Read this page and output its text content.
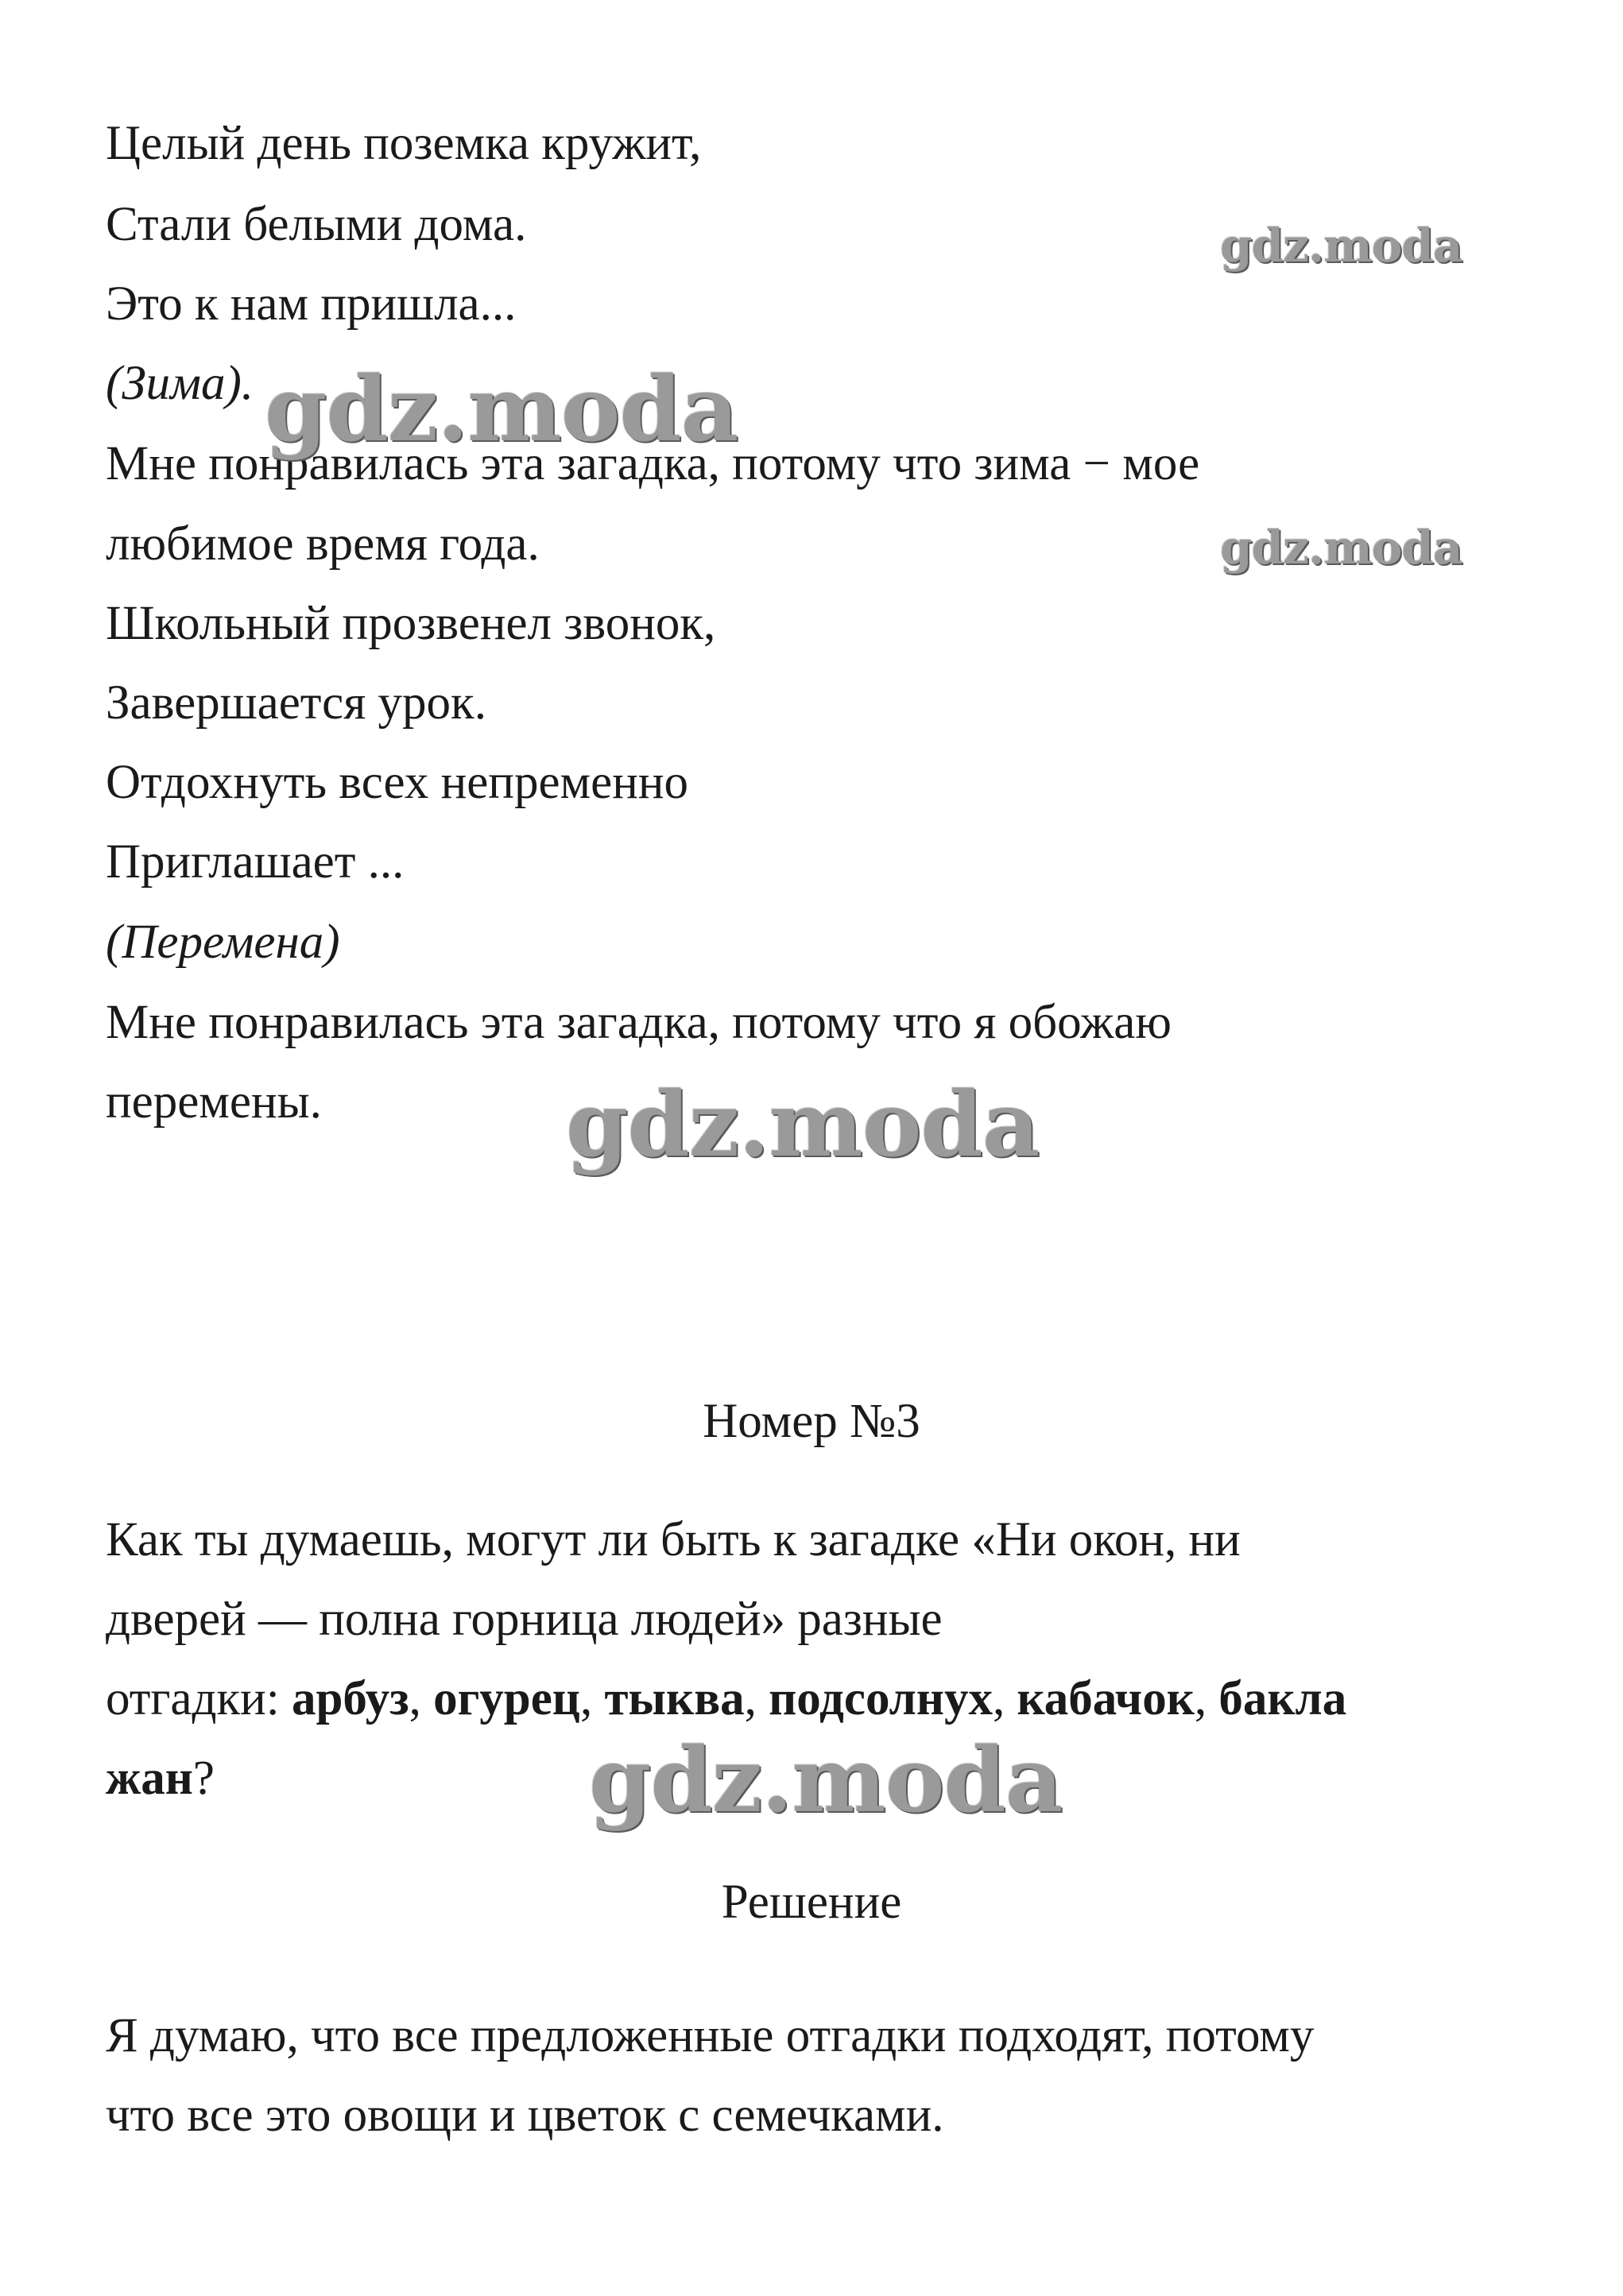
Целый день поземка кружит,
Стали белыми дома.
Это к нам пришла...
(Зима).
Мне понравилась эта загадка, потому что зима − мое
любимое время года.
Школьный прозвенел звонок,
Завершается урок.
Отдохнуть всех непременно
Приглашает ...
(Перемена)
Мне понравилась эта загадка, потому что я обожаю
перемены.
Номер №3
Как ты думаешь, могут ли быть к загадке «Ни окон, ни
дверей — полна горница людей» разные
отгадки: арбуз, огурец, тыква, подсолнух, кабачок, бакла
жан?
Решение
Я думаю, что все предложенные отгадки подходят, потому
что все это овощи и цветок с семечками.
gdz.moda
gdz.moda
gdz.moda
gdz.moda
gdz.moda
